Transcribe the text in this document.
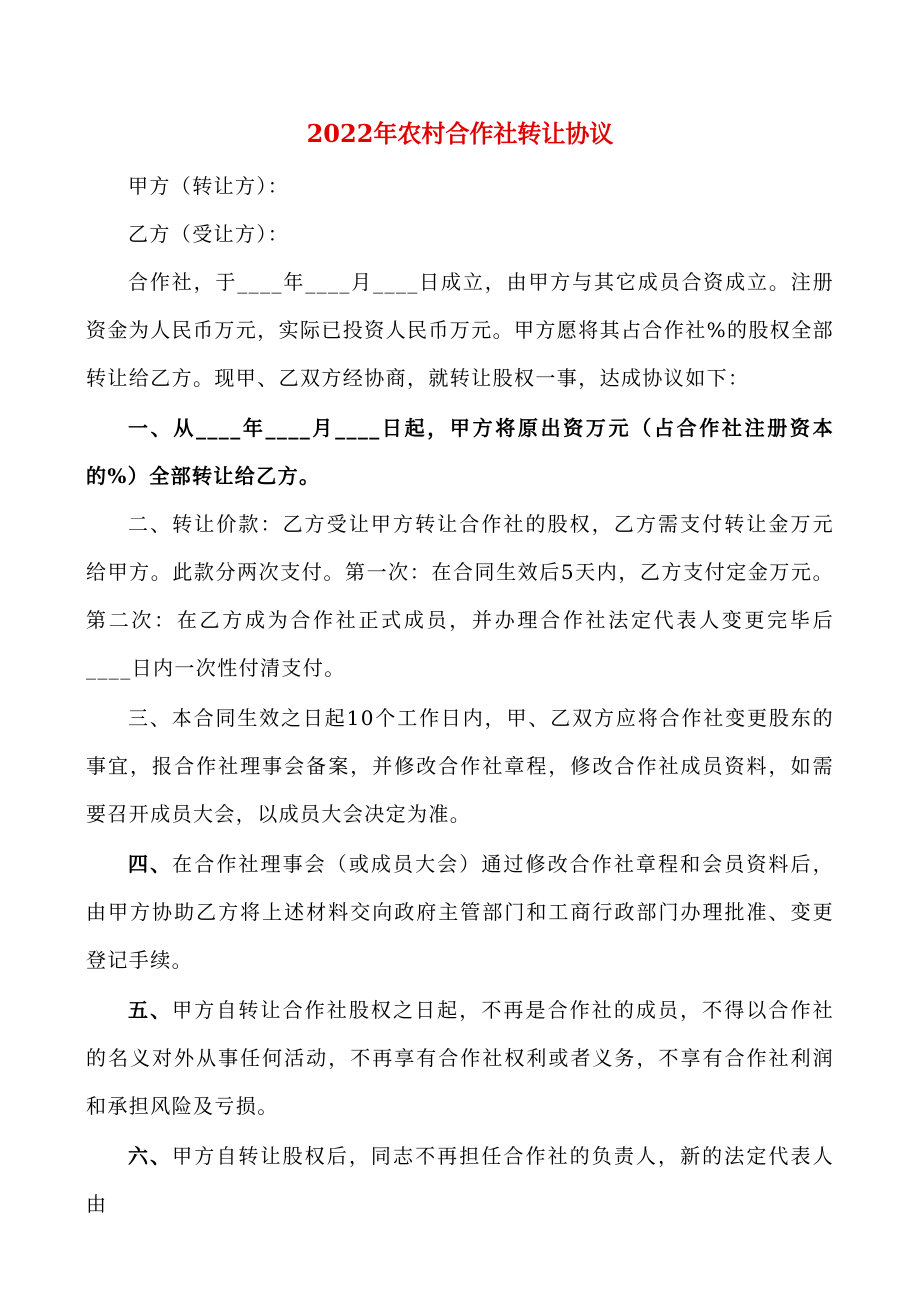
2022年农村合作社转让协议
甲方（转让方）：
乙方（受让方）：
合作社，于____年____月____日成立，由甲方与其它成员合资成立。注册资金为人民币万元，实际已投资人民币万元。甲方愿将其占合作社%的股权全部转让给乙方。现甲、乙双方经协商，就转让股权一事，达成协议如下：
一、从____年____月____日起，甲方将原出资万元（占合作社注册资本的%）全部转让给乙方。
二、转让价款：乙方受让甲方转让合作社的股权，乙方需支付转让金万元给甲方。此款分两次支付。第一次：在合同生效后5天内，乙方支付定金万元。第二次：在乙方成为合作社正式成员，并办理合作社法定代表人变更完毕后____日内一次性付清支付。
三、本合同生效之日起10个工作日内，甲、乙双方应将合作社变更股东的事宜，报合作社理事会备案，并修改合作社章程，修改合作社成员资料，如需要召开成员大会，以成员大会决定为准。
四、在合作社理事会（或成员大会）通过修改合作社章程和会员资料后，由甲方协助乙方将上述材料交向政府主管部门和工商行政部门办理批准、变更登记手续。
五、甲方自转让合作社股权之日起，不再是合作社的成员，不得以合作社的名义对外从事任何活动，不再享有合作社权利或者义务，不享有合作社利润和承担风险及亏损。
六、甲方自转让股权后，同志不再担任合作社的负责人，新的法定代表人由
